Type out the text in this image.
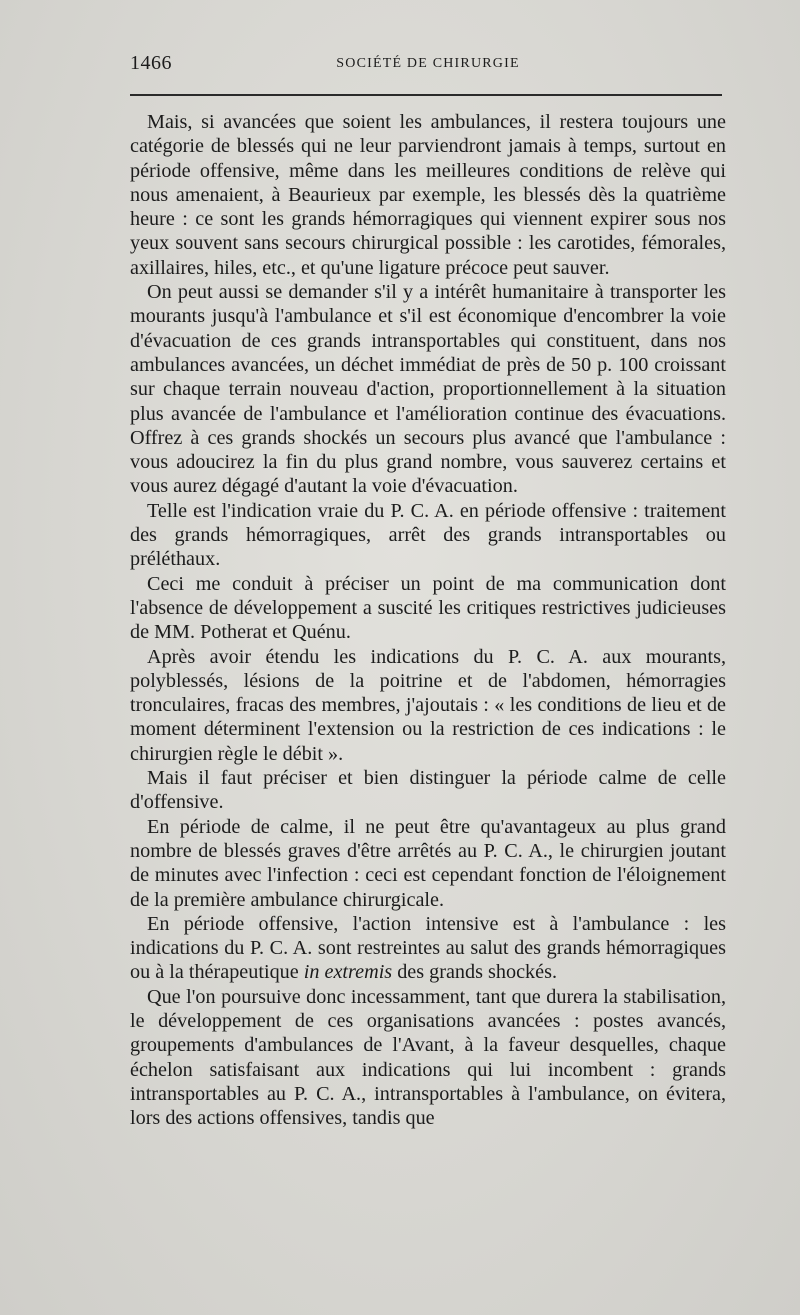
1466	SOCIÉTÉ DE CHIRURGIE

Mais, si avancées que soient les ambulances, il restera toujours une catégorie de blessés qui ne leur parviendront jamais à temps, surtout en période offensive, même dans les meilleures conditions de relève qui nous amenaient, à Beaurieux par exemple, les blessés dès la quatrième heure : ce sont les grands hémorragiques qui viennent expirer sous nos yeux souvent sans secours chirurgical possible : les carotides, fémorales, axillaires, hiles, etc., et qu'une ligature précoce peut sauver.

On peut aussi se demander s'il y a intérêt humanitaire à transporter les mourants jusqu'à l'ambulance et s'il est économique d'encombrer la voie d'évacuation de ces grands intransportables qui constituent, dans nos ambulances avancées, un déchet immédiat de près de 50 p. 100 croissant sur chaque terrain nouveau d'action, proportionnellement à la situation plus avancée de l'ambulance et l'amélioration continue des évacuations. Offrez à ces grands shockés un secours plus avancé que l'ambulance : vous adoucirez la fin du plus grand nombre, vous sauverez certains et vous aurez dégagé d'autant la voie d'évacuation.

Telle est l'indication vraie du P. C. A. en période offensive : traitement des grands hémorragiques, arrêt des grands intransportables ou préléthaux.

Ceci me conduit à préciser un point de ma communication dont l'absence de développement a suscité les critiques restrictives judicieuses de MM. Potherat et Quénu.

Après avoir étendu les indications du P. C. A. aux mourants, polyblessés, lésions de la poitrine et de l'abdomen, hémorragies tronculaires, fracas des membres, j'ajoutais : « les conditions de lieu et de moment déterminent l'extension ou la restriction de ces indications : le chirurgien règle le débit ».

Mais il faut préciser et bien distinguer la période calme de celle d'offensive.

En période de calme, il ne peut être qu'avantageux au plus grand nombre de blessés graves d'être arrêtés au P. C. A., le chirurgien joutant de minutes avec l'infection : ceci est cependant fonction de l'éloignement de la première ambulance chirurgicale.

En période offensive, l'action intensive est à l'ambulance : les indications du P. C. A. sont restreintes au salut des grands hémorragiques ou à la thérapeutique in extremis des grands shockés.

Que l'on poursuive donc incessamment, tant que durera la stabilisation, le développement de ces organisations avancées : postes avancés, groupements d'ambulances de l'Avant, à la faveur desquelles, chaque échelon satisfaisant aux indications qui lui incombent : grands intransportables au P. C. A., intransportables à l'ambulance, on évitera, lors des actions offensives, tandis que
